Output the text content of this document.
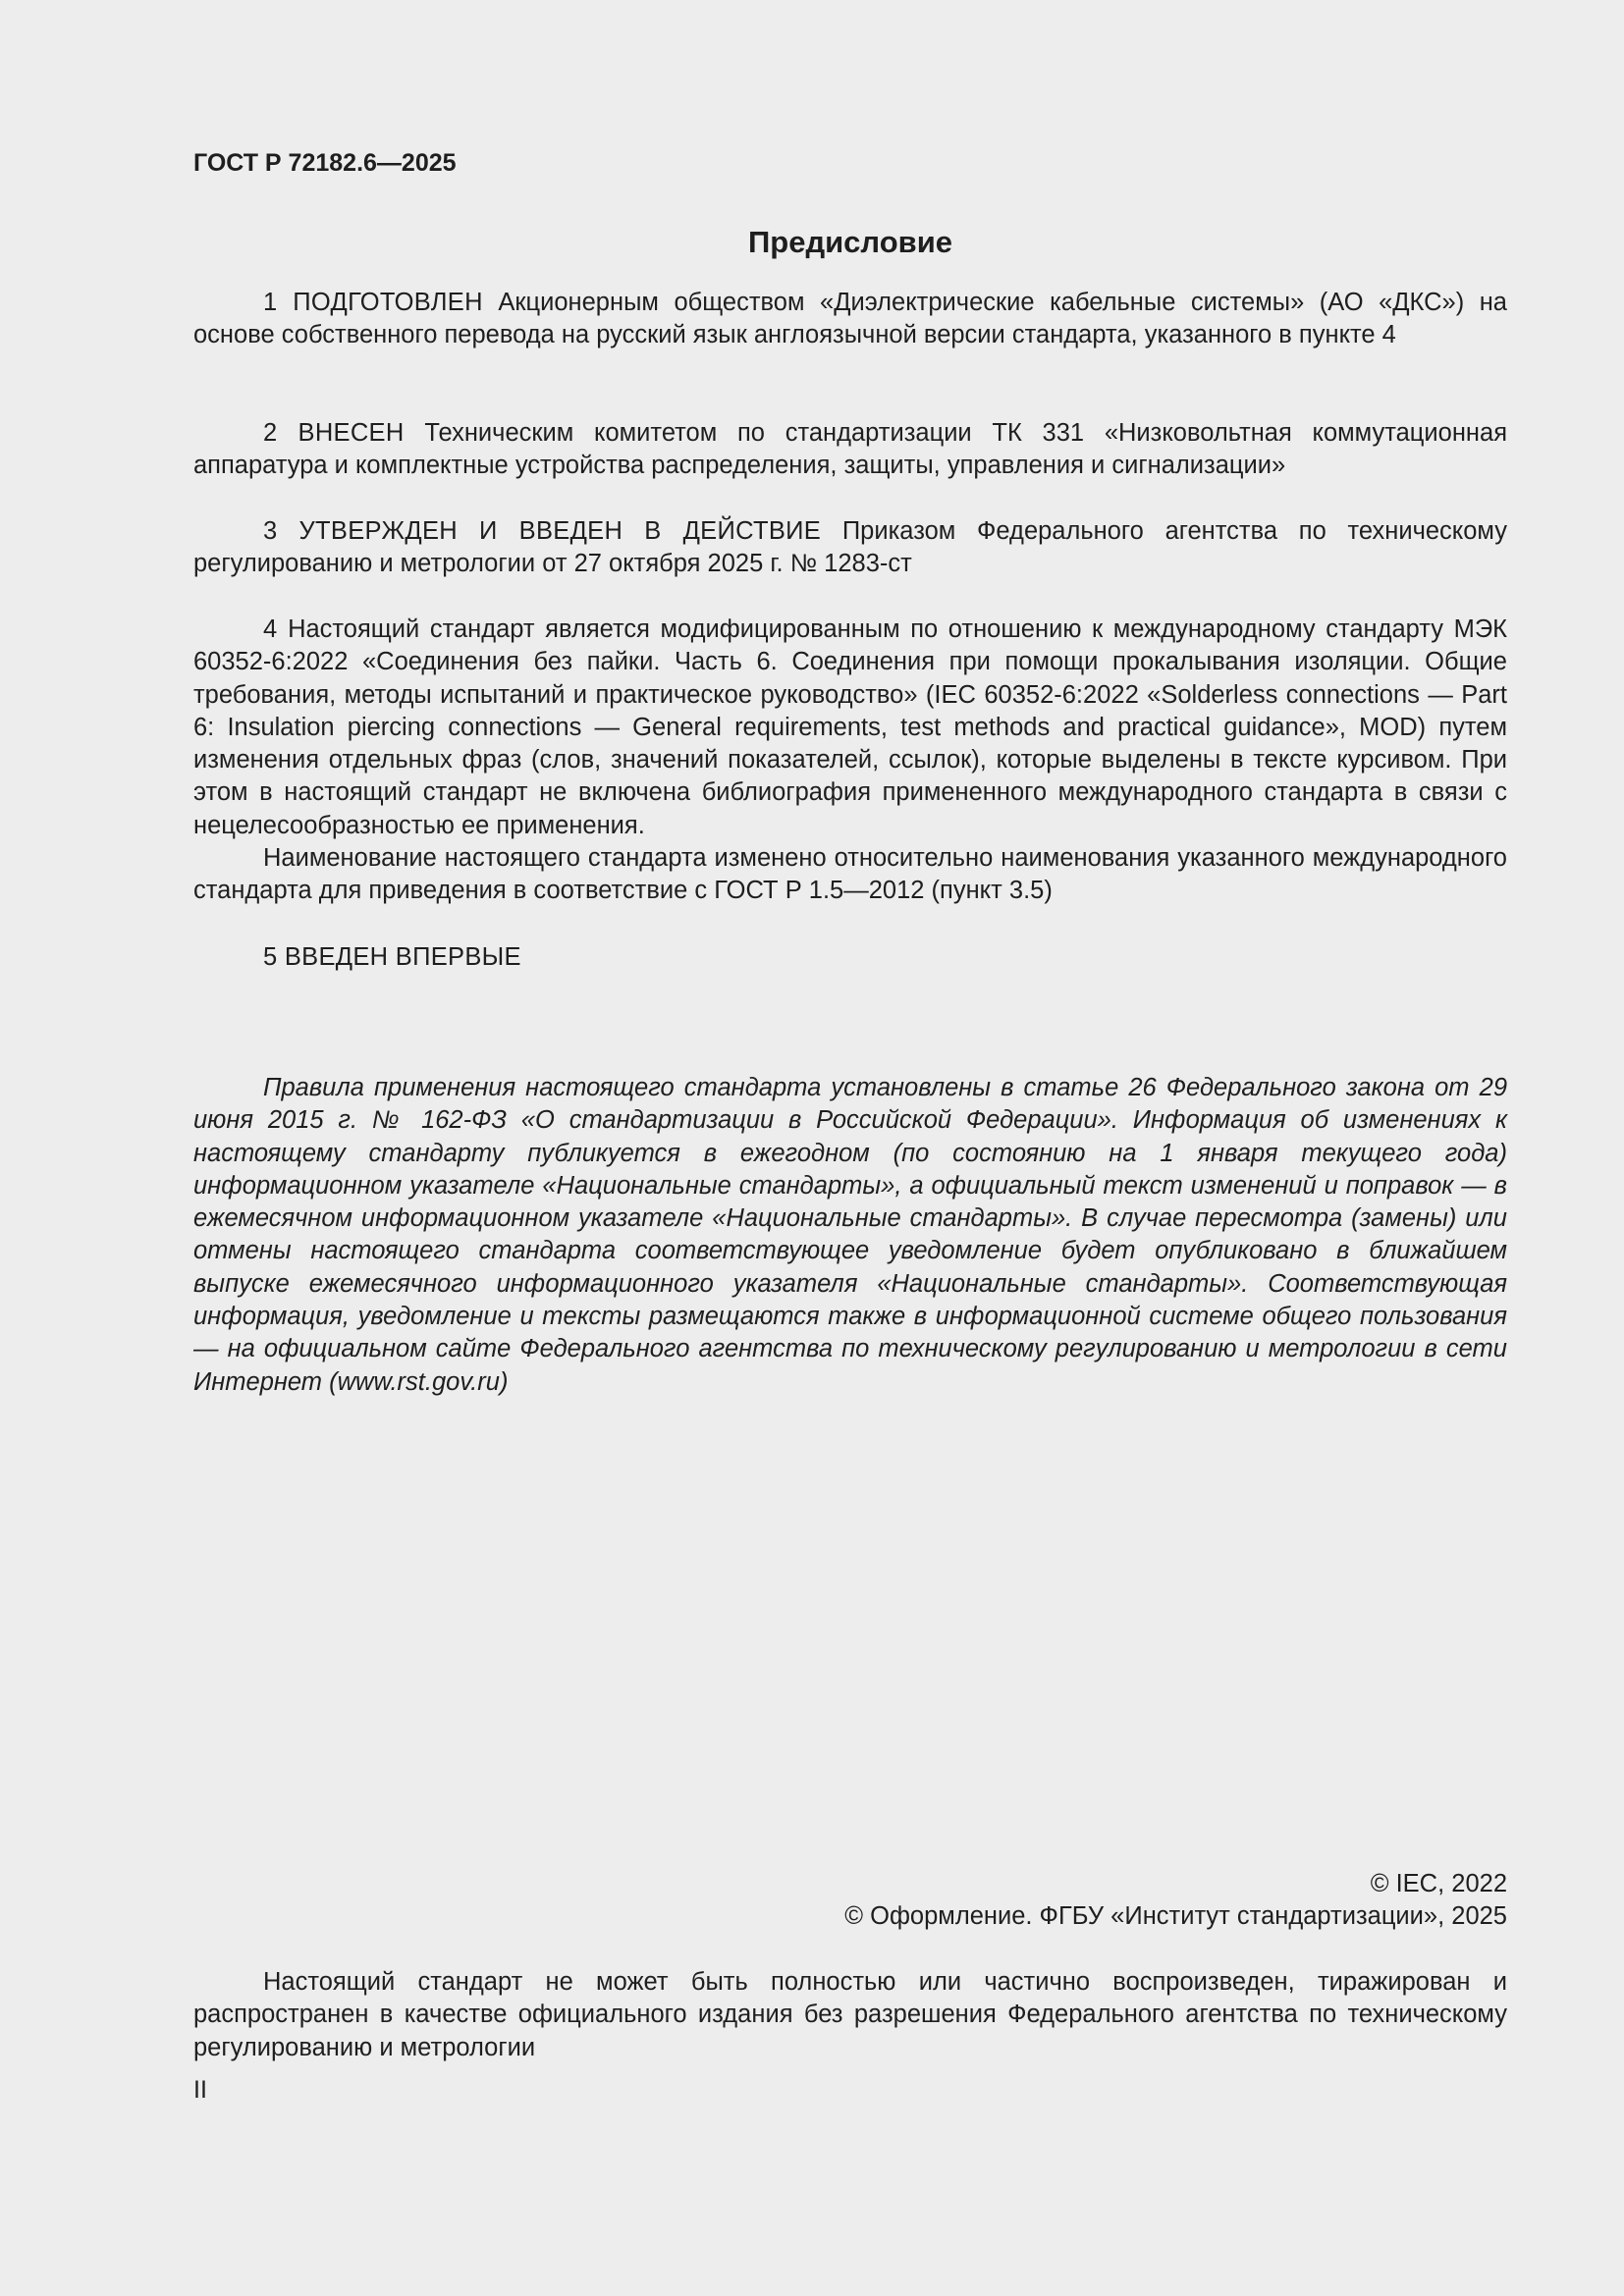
ГОСТ Р 72182.6—2025
Предисловие

1 ПОДГОТОВЛЕН Акционерным обществом «Диэлектрические кабельные системы» (АО «ДКС») на основе собственного перевода на русский язык англоязычной версии стандарта, указанного в пункте 4

2 ВНЕСЕН Техническим комитетом по стандартизации ТК 331 «Низковольтная коммутационная аппаратура и комплектные устройства распределения, защиты, управления и сигнализации»

3 УТВЕРЖДЕН И ВВЕДЕН В ДЕЙСТВИЕ Приказом Федерального агентства по техническому регулированию и метрологии от 27 октября 2025 г. № 1283-ст

4 Настоящий стандарт является модифицированным по отношению к международному стандарту МЭК 60352-6:2022 «Соединения без пайки. Часть 6. Соединения при помощи прокалывания изоляции. Общие требования, методы испытаний и практическое руководство» (IEC 60352-6:2022 «Solderless connections — Part 6: Insulation piercing connections — General requirements, test methods and practical guidance», MOD) путем изменения отдельных фраз (слов, значений показателей, ссылок), которые выделены в тексте курсивом. При этом в настоящий стандарт не включена библиография примененного международного стандарта в связи с нецелесообразностью ее применения.

Наименование настоящего стандарта изменено относительно наименования указанного международного стандарта для приведения в соответствие с ГОСТ Р 1.5—2012 (пункт 3.5)

5 ВВЕДЕН ВПЕРВЫЕ

Правила применения настоящего стандарта установлены в статье 26 Федерального закона от 29 июня 2015 г. № 162-ФЗ «О стандартизации в Российской Федерации». Информация об изменениях к настоящему стандарту публикуется в ежегодном (по состоянию на 1 января текущего года) информационном указателе «Национальные стандарты», а официальный текст изменений и поправок — в ежемесячном информационном указателе «Национальные стандарты». В случае пересмотра (замены) или отмены настоящего стандарта соответствующее уведомление будет опубликовано в ближайшем выпуске ежемесячного информационного указателя «Национальные стандарты». Соответствующая информация, уведомление и тексты размещаются также в информационной системе общего пользования — на официальном сайте Федерального агентства по техническому регулированию и метрологии в сети Интернет (www.rst.gov.ru)

© IEC, 2022
© Оформление. ФГБУ «Институт стандартизации», 2025

Настоящий стандарт не может быть полностью или частично воспроизведен, тиражирован и распространен в качестве официального издания без разрешения Федерального агентства по техническому регулированию и метрологии

II
